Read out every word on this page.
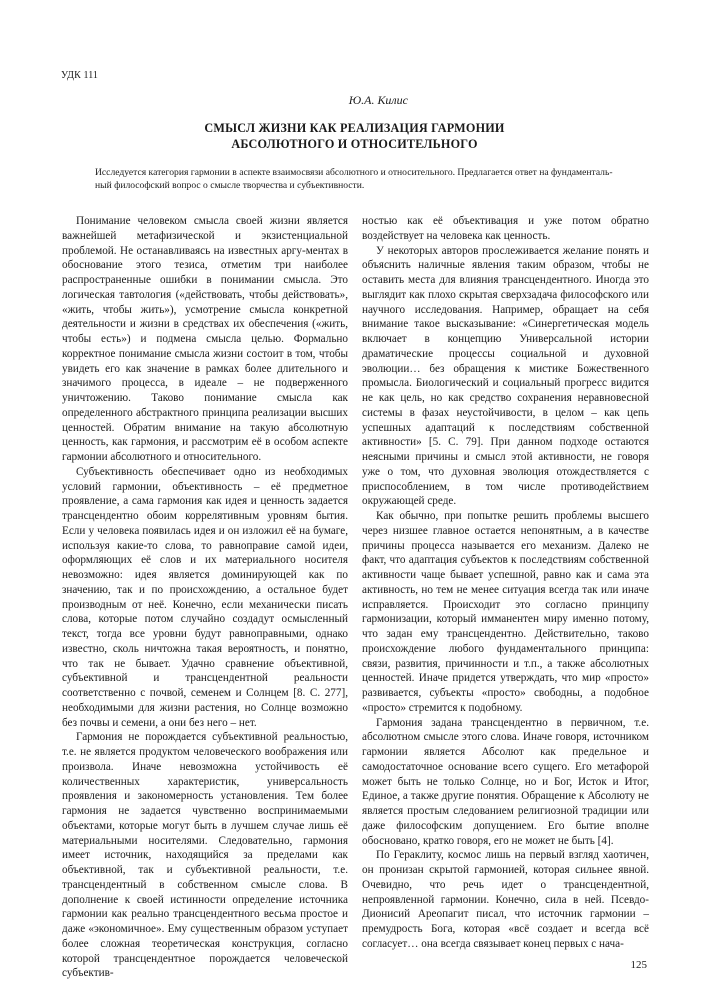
УДК 111
Ю.А. Килис
СМЫСЛ ЖИЗНИ КАК РЕАЛИЗАЦИЯ ГАРМОНИИ
АБСОЛЮТНОГО И ОТНОСИТЕЛЬНОГО
Исследуется категория гармонии в аспекте взаимосвязи абсолютного и относительного. Предлагается ответ на фундаменталь-ный философский вопрос о смысле творчества и субъективности.

Понимание человеком смысла своей жизни является важнейшей метафизической и экзистенциальной проблемой. Не останавливаясь на известных аргу-ментах в обоснование этого тезиса, отметим три наиболее распространенные ошибки в понимании смысла. Это логическая тавтология («действовать, чтобы действовать», «жить, чтобы жить»), усмотрение смысла конкретной деятельности и жизни в средствах их обеспечения («жить, чтобы есть») и подмена смысла целью. Формально корректное понимание смысла жизни состоит в том, чтобы увидеть его как значение в рамках более длительного и значимого процесса, в идеале – не подверженного уничтожению. Таково понимание смысла как определенного абстрактного принципа реализации высших ценностей. Обратим внимание на такую абсолютную ценность, как гармония, и рассмотрим её в особом аспекте гармонии абсолютного и относительного.

Субъективность обеспечивает одно из необходимых условий гармонии, объективность – её предметное проявление, а сама гармония как идея и ценность задается трансцендентно обоим коррелятивным уровням бытия. Если у человека появилась идея и он изложил её на бумаге, используя какие-то слова, то равноправие самой идеи, оформляющих её слов и их материального носителя невозможно: идея является доминирующей как по значению, так и по происхождению, а остальное будет производным от неё. Конечно, если механически писать слова, которые потом случайно создадут осмысленный текст, тогда все уровни будут равноправными, однако известно, сколь ничтожна такая вероятность, и понятно, что так не бывает. Удачно сравнение объективной, субъективной и трансцендентной реальности соответственно с почвой, семенем и Солнцем [8. С. 277], необходимыми для жизни растения, но Солнце возможно без почвы и семени, а они без него – нет.

Гармония не порождается субъективной реальностью, т.е. не является продуктом человеческого воображения или произвола. Иначе невозможна устойчивость её количественных характеристик, универсальность проявления и закономерность установления. Тем более гармония не задается чувственно воспринимаемыми объектами, которые могут быть в лучшем случае лишь её материальными носителями. Следовательно, гармония имеет источник, находящийся за пределами как объективной, так и субъективной реальности, т.е. трансцендентный в собственном смысле слова. В дополнение к своей истинности определение источника гармонии как реально трансцендентного весьма простое и даже «экономичное». Ему существенным образом уступает более сложная теоретическая конструкция, согласно которой трансцендентное порождается человеческой субъектив-

ностью как её объективация и уже потом обратно воздействует на человека как ценность.

У некоторых авторов прослеживается желание понять и объяснить наличные явления таким образом, чтобы не оставить места для влияния трансцендентного. Иногда это выглядит как плохо скрытая сверхзадача философского или научного исследования. Например, обращает на себя внимание такое высказывание: «Синергетическая модель включает в концепцию Универсальной истории драматические процессы социальной и духовной эволюции… без обращения к мистике Божественного промысла. Биологический и социальный прогресс видится не как цель, но как средство сохранения неравновесной системы в фазах неустойчивости, в целом – как цепь успешных адаптаций к последствиям собственной активности» [5. С. 79]. При данном подходе остаются неясными причины и смысл этой активности, не говоря уже о том, что духовная эволюция отождествляется с приспособлением, в том числе противодействием окружающей среде.

Как обычно, при попытке решить проблемы высшего через низшее главное остается непонятным, а в качестве причины процесса называется его механизм. Далеко не факт, что адаптация субъектов к последствиям собственной активности чаще бывает успешной, равно как и сама эта активность, но тем не менее ситуация всегда так или иначе исправляется. Происходит это согласно принципу гармонизации, который имманентен миру именно потому, что задан ему трансцендентно. Действительно, таково происхождение любого фундаментального принципа: связи, развития, причинности и т.п., а также абсолютных ценностей. Иначе придется утверждать, что мир «просто» развивается, субъекты «просто» свободны, а подобное «просто» стремится к подобному.

Гармония задана трансцендентно в первичном, т.е. абсолютном смысле этого слова. Иначе говоря, источником гармонии является Абсолют как предельное и самодостаточное основание всего сущего. Его метафорой может быть не только Солнце, но и Бог, Исток и Итог, Единое, а также другие понятия. Обращение к Абсолюту не является простым следованием религиозной традиции или даже философским допущением. Его бытие вполне обосновано, кратко говоря, его не может не быть [4].

По Гераклиту, космос лишь на первый взгляд хаотичен, он пронизан скрытой гармонией, которая сильнее явной. Очевидно, что речь идет о трансцендентной, непроявленной гармонии. Конечно, сила в ней. Псевдо-Дионисий Ареопагит писал, что источник гармонии – премудрость Бога, которая «всё создает и всегда всё согласует… она всегда связывает конец первых с нача-

125
